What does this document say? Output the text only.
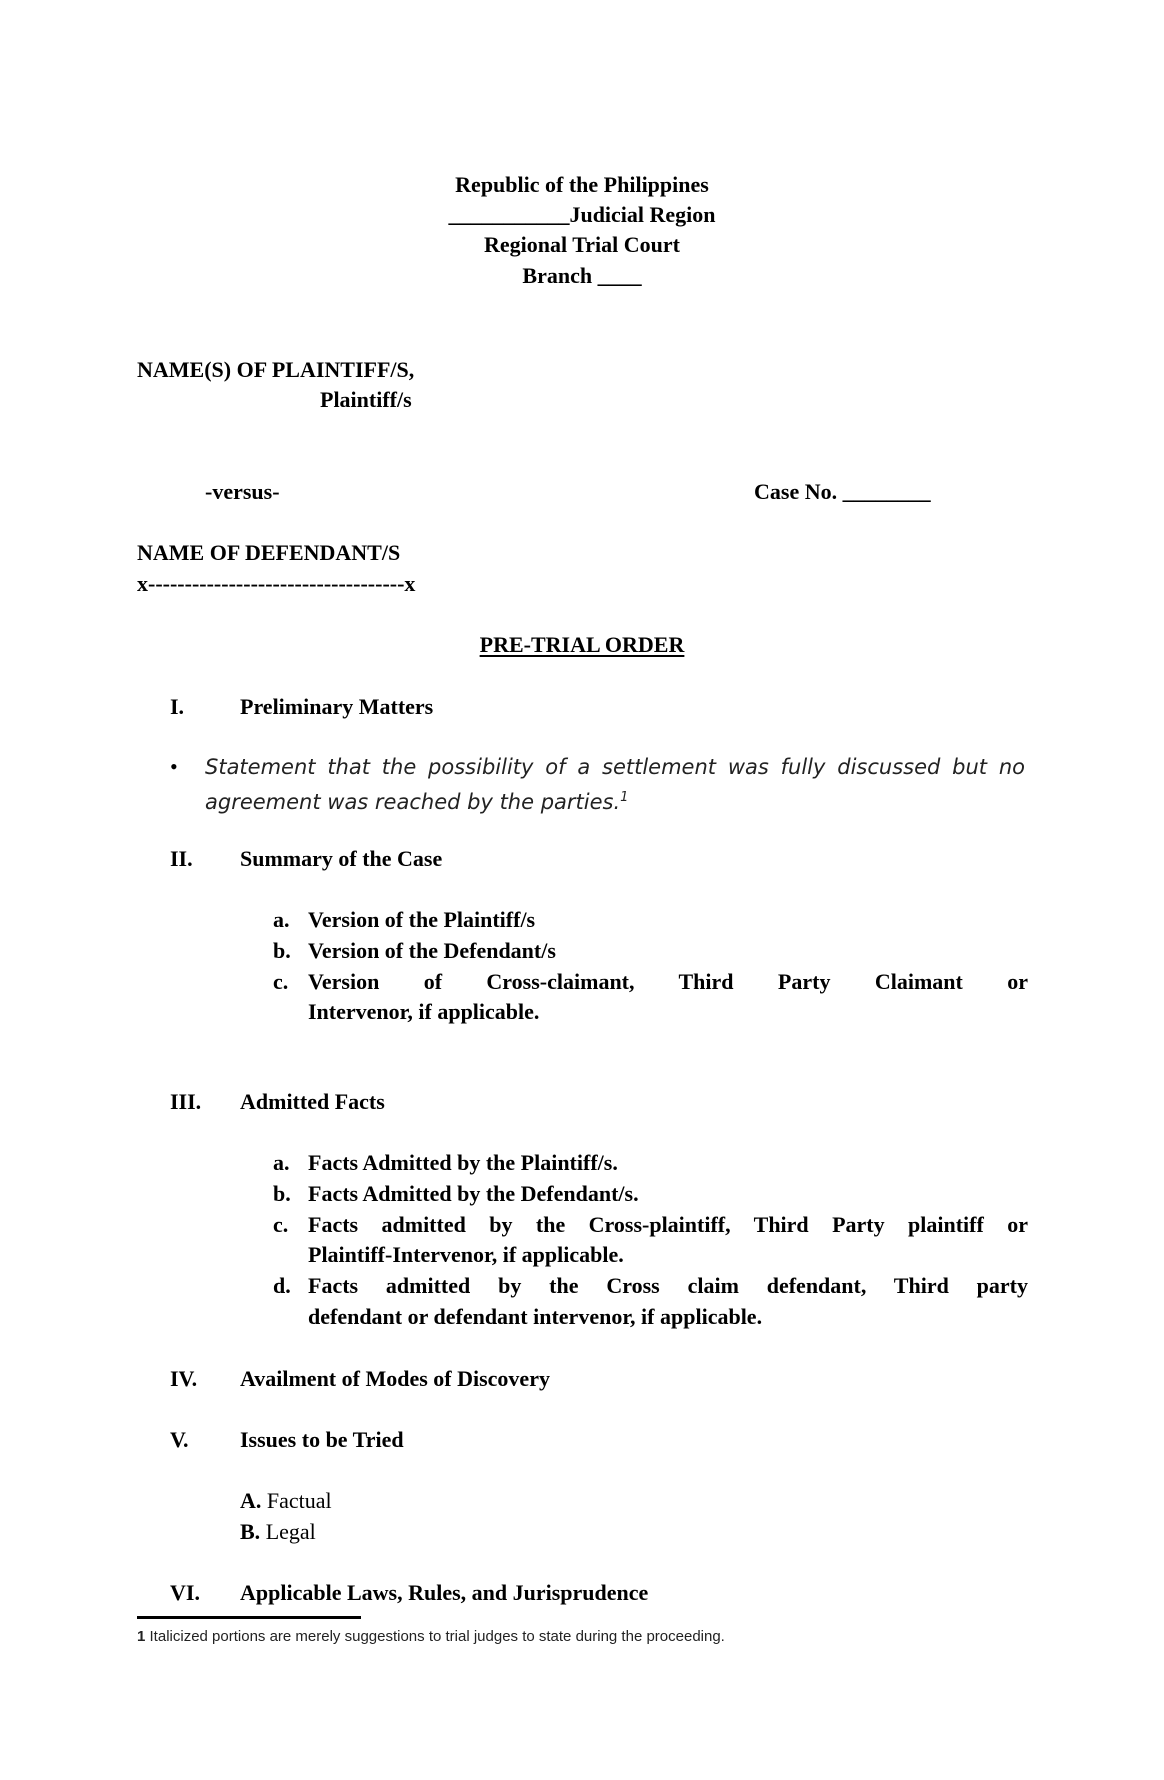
Republic of the Philippines
___________Judicial Region
Regional Trial Court
Branch ____
NAME(S) OF PLAINTIFF/S,
Plaintiff/s
-versus-	Case No. ________
NAME OF DEFENDANT/S
x-----------------------------------x
PRE-TRIAL ORDER
I.	Preliminary Matters
• Statement that the possibility of a settlement was fully discussed but no
agreement was reached by the parties.$^1$
II. Summary of the Case
a. Version of the Plaintiff/s
b. Version of the Defendant/s
c. Version of Cross-claimant, Third Party Claimant or
Intervenor, if applicable.
III. Admitted Facts
a. Facts Admitted by the Plaintiff/s.
b. Facts Admitted by the Defendant/s.
c. Facts admitted by the Cross-plaintiff, Third Party plaintiff or
Plaintiff-Intervenor, if applicable.
d. Facts admitted by the Cross claim defendant, Third party
defendant or defendant intervenor, if applicable.
IV. Availment of Modes of Discovery
V. Issues to be Tried
A. Factual
B. Legal
VI. Applicable Laws, Rules, and Jurisprudence
1 Italicized portions are merely suggestions to trial judges to state during the proceeding.
